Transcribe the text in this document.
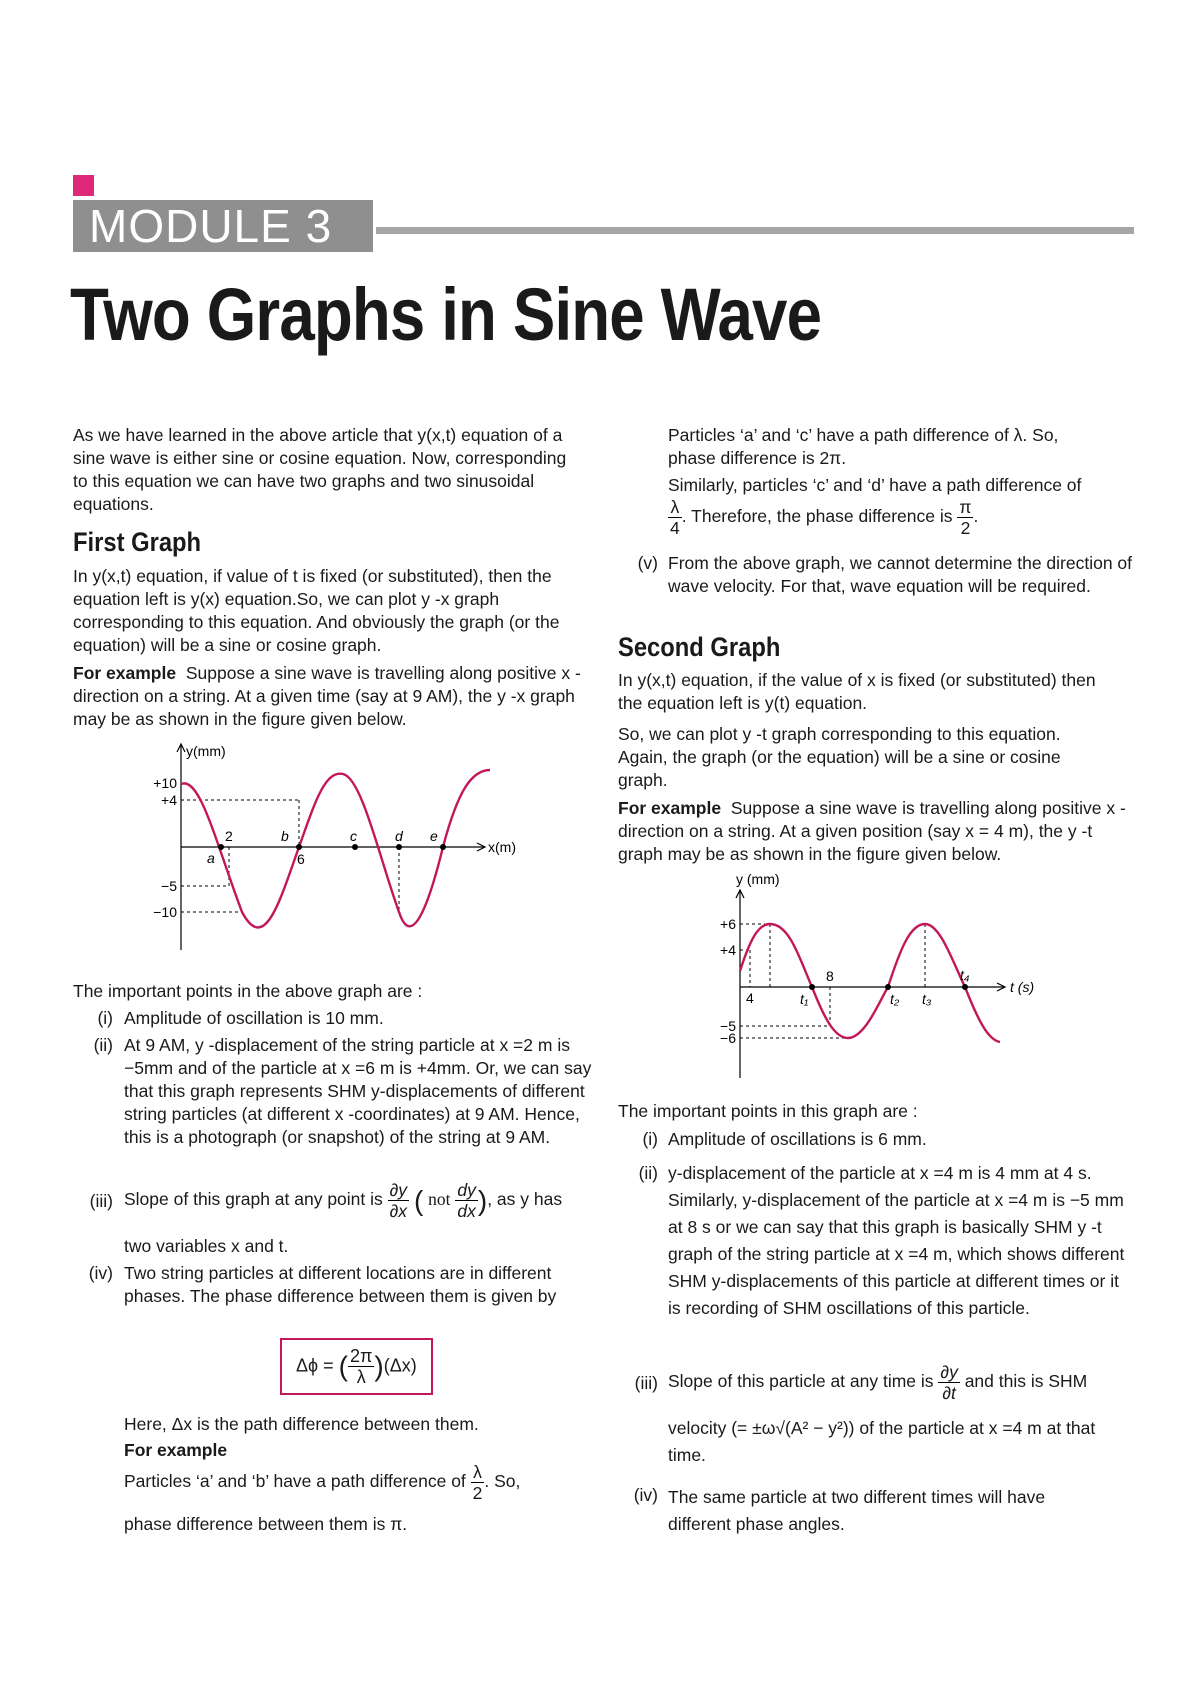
MODULE 3
Two Graphs in Sine Wave
As we have learned in the above article that y(x,t) equation of a sine wave is either sine or cosine equation. Now, corresponding to this equation we can have two graphs and two sinusoidal equations.
First Graph
In y(x,t) equation, if value of t is fixed (or substituted), then the equation left is y(x) equation.So, we can plot y -x graph corresponding to this equation. And obviously the graph (or the equation) will be a sine or cosine graph.
For example Suppose a sine wave is travelling along positive x -direction on a string. At a given time (say at 9 AM), the y -x graph may be as shown in the figure given below.
y(mm)
x(m)
+10
+4
−5
−10
2
6
a
b	c	d e
The important points in the above graph are :
(i) Amplitude of oscillation is 10 mm.
(ii) At 9 AM, y -displacement of the string particle at x =2 m is −5mm and of the particle at x =6 m is +4mm. Or, we can say that this graph represents SHM y-displacements of different string particles (at different x -coordinates) at 9 AM. Hence, this is a photograph (or snapshot) of the string at 9 AM.
(iii) Slope of this graph at any point is $\frac{\partial y}{\partial x}$ ( not $\frac{dy}{dx}$ ), as y has
two variables x and t.
(iv) Two string particles at different locations are in different phases. The phase difference between them is given by
Δϕ = ( $\frac{2\pi}{\lambda} )(\Delta x)$
Here, Δx is the path difference between them.
For example
Particles ‘a’ and ‘b’ have a path difference of $\frac{\lambda}{2}$ . So,
phase difference between them is π.
Particles ‘a’ and ‘c’ have a path difference of λ. So, phase difference is 2π.
Similarly, particles ‘c’ and ‘d’ have a path difference of

$\frac{\lambda}{4}$ . Therefore, the phase difference is $\frac{\pi}{2}$ .
(v) From the above graph, we cannot determine the direction of wave velocity. For that, wave equation will be required.
Second Graph
In y(x,t) equation, if the value of x is fixed (or substituted) then the equation left is y(t) equation.
So, we can plot y -t graph corresponding to this equation. Again, the graph (or the equation) will be a sine or cosine graph.
For example Suppose a sine wave is travelling along positive x -direction on a string. At a given position (say x = 4 m), the y -t graph may be as shown in the figure given below.
y (mm)
t (s)
+6
+4
−5
−6
4
8
t₁	t₂ t₃
t₄
The important points in this graph are :
(i) Amplitude of oscillations is 6 mm.
(ii) y-displacement of the particle at x =4 m is 4 mm at 4 s. Similarly, y-displacement of the particle at x =4 m is −5 mm at 8 s or we can say that this graph is basically SHM y -t graph of the string particle at x =4 m, which shows different SHM y-displacements of this particle at different times or it is recording of SHM oscillations of this particle.
(iii) Slope of this particle at any time is $\frac{\partial y}{\partial t}$ and this is SHM
velocity (= ±ω√(A² − y²)) of the particle at x =4 m at that time.
(iv) The same particle at two different times will have different phase angles.
